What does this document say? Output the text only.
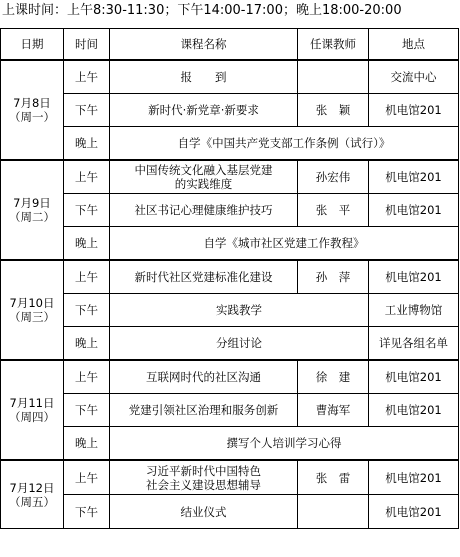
上课时间：上午8:30-11:30；下午14:00-17:00；晚上18:00-20:00
日期	时间	课程名称	任课教师	地点

7月8日
（周一）	上午	报　　到		交流中心
	下午	新时代·新党章·新要求	张　颖	机电馆201
	晚上	自学《中国共产党支部工作条例（试行）》		

7月9日
（周二）	上午	中国传统文化融入基层党建
的实践维度	孙宏伟	机电馆201
	下午	社区书记心理健康维护技巧	张　平	机电馆201
	晚上	自学《城市社区党建工作教程》		

7月10日
（周三）	上午	新时代社区党建标准化建设	孙　萍	机电馆201
	下午	实践教学		工业博物馆
	晚上	分组讨论		详见各组名单

7月11日
（周四）	上午	互联网时代的社区沟通	徐　建	机电馆201
	下午	党建引领社区治理和服务创新	曹海军	机电馆201
	晚上	撰写个人培训学习心得		

7月12日
（周五）	上午	习近平新时代中国特色
社会主义建设思想辅导	张　雷	机电馆201
	下午	结业仪式		机电馆201
